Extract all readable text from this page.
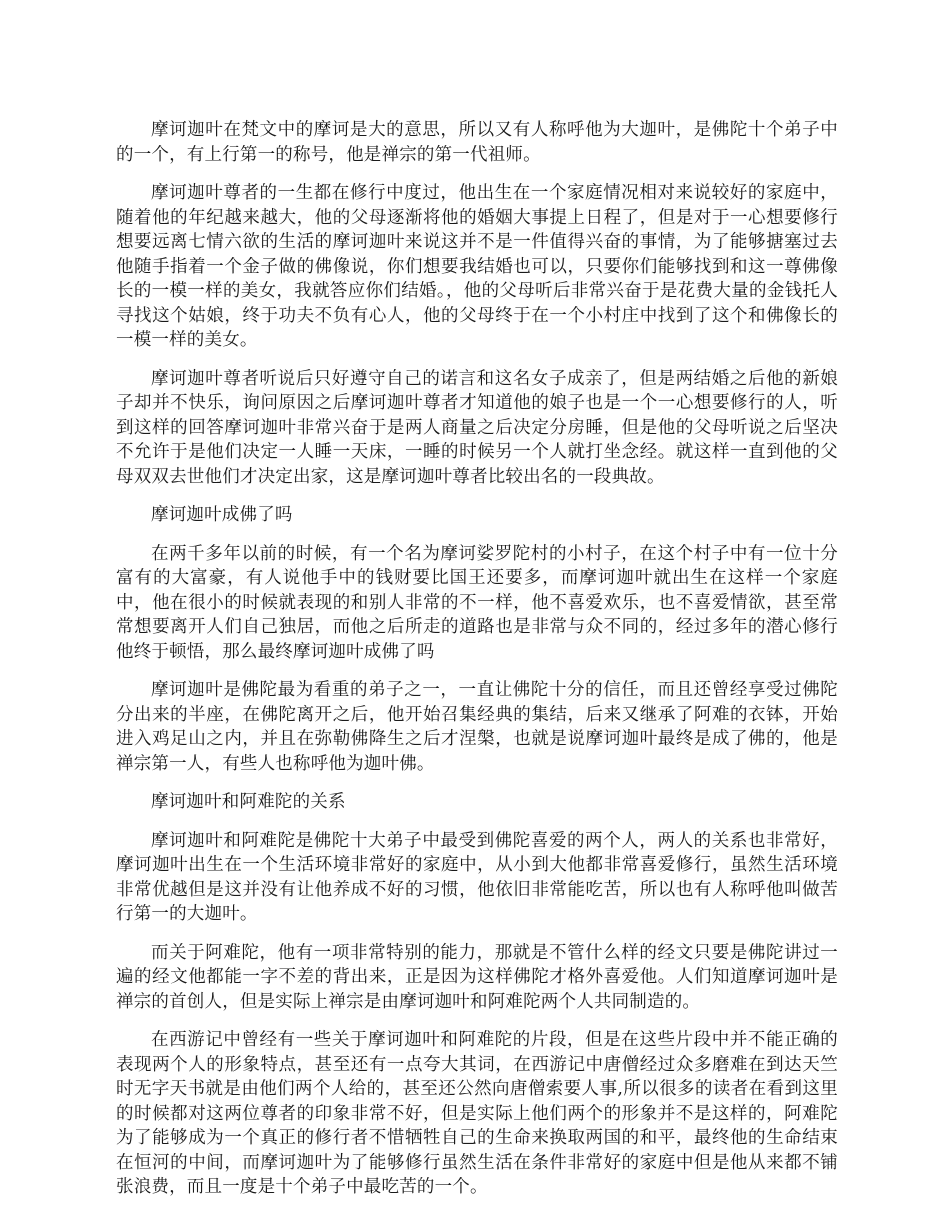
摩诃迦叶在梵文中的摩诃是大的意思，所以又有人称呼他为大迦叶，是佛陀十个弟子中的一个，有上行第一的称号，他是禅宗的第一代祖师。

摩诃迦叶尊者的一生都在修行中度过，他出生在一个家庭情况相对来说较好的家庭中，随着他的年纪越来越大，他的父母逐渐将他的婚姻大事提上日程了，但是对于一心想要修行想要远离七情六欲的生活的摩诃迦叶来说这并不是一件值得兴奋的事情，为了能够搪塞过去他随手指着一个金子做的佛像说，你们想要我结婚也可以，只要你们能够找到和这一尊佛像长的一模一样的美女，我就答应你们结婚。，他的父母听后非常兴奋于是花费大量的金钱托人寻找这个姑娘，终于功夫不负有心人，他的父母终于在一个小村庄中找到了这个和佛像长的一模一样的美女。

摩诃迦叶尊者听说后只好遵守自己的诺言和这名女子成亲了，但是两结婚之后他的新娘子却并不快乐，询问原因之后摩诃迦叶尊者才知道他的娘子也是一个一心想要修行的人，听到这样的回答摩诃迦叶非常兴奋于是两人商量之后决定分房睡，但是他的父母听说之后坚决不允许于是他们决定一人睡一天床，一睡的时候另一个人就打坐念经。就这样一直到他的父母双双去世他们才决定出家，这是摩诃迦叶尊者比较出名的一段典故。

摩诃迦叶成佛了吗

在两千多年以前的时候，有一个名为摩诃娑罗陀村的小村子，在这个村子中有一位十分富有的大富豪，有人说他手中的钱财要比国王还要多，而摩诃迦叶就出生在这样一个家庭中，他在很小的时候就表现的和别人非常的不一样，他不喜爱欢乐，也不喜爱情欲，甚至常常想要离开人们自己独居，而他之后所走的道路也是非常与众不同的，经过多年的潜心修行他终于顿悟，那么最终摩诃迦叶成佛了吗

摩诃迦叶是佛陀最为看重的弟子之一，一直让佛陀十分的信任，而且还曾经享受过佛陀分出来的半座，在佛陀离开之后，他开始召集经典的集结，后来又继承了阿难的衣钵，开始进入鸡足山之内，并且在弥勒佛降生之后才涅槃，也就是说摩诃迦叶最终是成了佛的，他是禅宗第一人，有些人也称呼他为迦叶佛。

摩诃迦叶和阿难陀的关系

摩诃迦叶和阿难陀是佛陀十大弟子中最受到佛陀喜爱的两个人，两人的关系也非常好，摩诃迦叶出生在一个生活环境非常好的家庭中，从小到大他都非常喜爱修行，虽然生活环境非常优越但是这并没有让他养成不好的习惯，他依旧非常能吃苦，所以也有人称呼他叫做苦行第一的大迦叶。

而关于阿难陀，他有一项非常特别的能力，那就是不管什么样的经文只要是佛陀讲过一遍的经文他都能一字不差的背出来，正是因为这样佛陀才格外喜爱他。人们知道摩诃迦叶是禅宗的首创人，但是实际上禅宗是由摩诃迦叶和阿难陀两个人共同制造的。

在西游记中曾经有一些关于摩诃迦叶和阿难陀的片段，但是在这些片段中并不能正确的表现两个人的形象特点，甚至还有一点夸大其词，在西游记中唐僧经过众多磨难在到达天竺时无字天书就是由他们两个人给的，甚至还公然向唐僧索要人事,所以很多的读者在看到这里的时候都对这两位尊者的印象非常不好，但是实际上他们两个的形象并不是这样的，阿难陀为了能够成为一个真正的修行者不惜牺牲自己的生命来换取两国的和平，最终他的生命结束在恒河的中间，而摩诃迦叶为了能够修行虽然生活在条件非常好的家庭中但是他从来都不铺张浪费，而且一度是十个弟子中最吃苦的一个。
